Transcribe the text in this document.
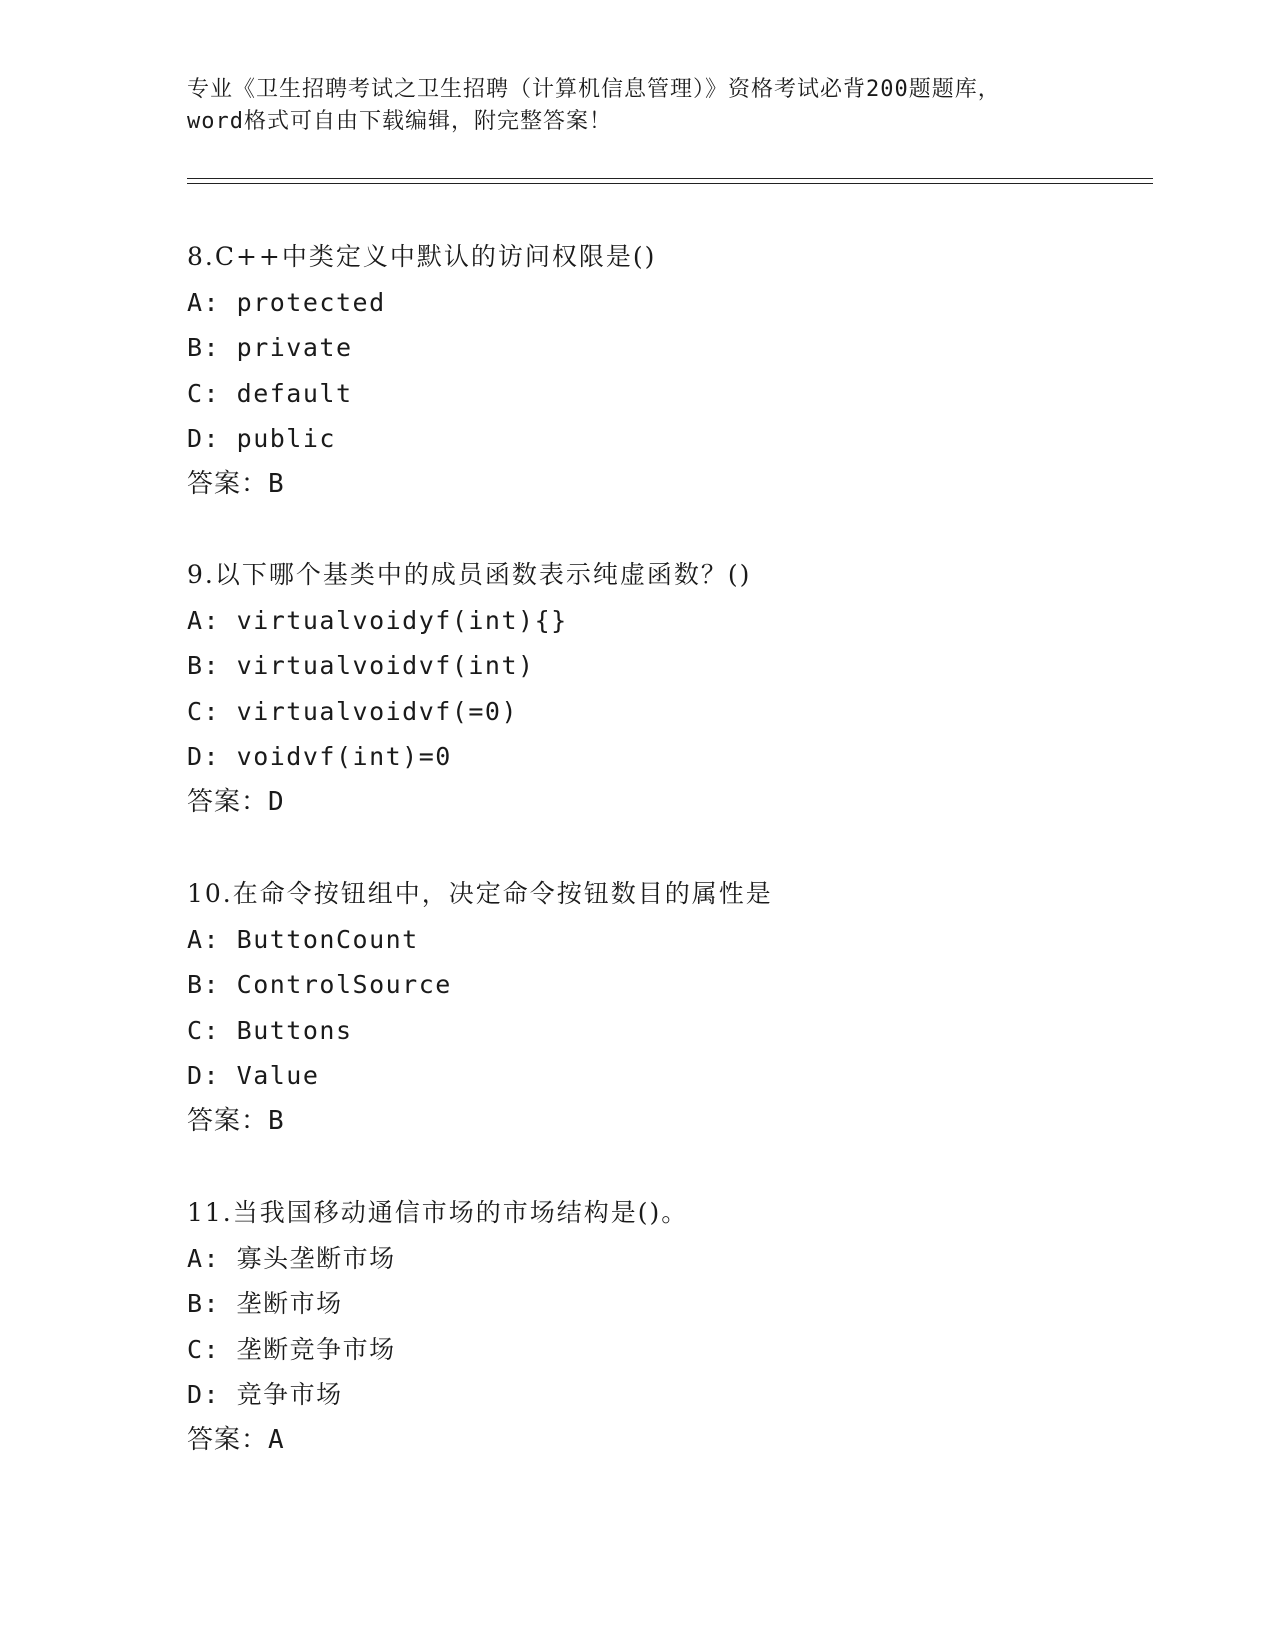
专业《卫生招聘考试之卫生招聘（计算机信息管理）》资格考试必背200题题库，
word格式可自由下载编辑，附完整答案！
8.C++中类定义中默认的访问权限是()
A: protected
B: private
C: default
D: public
答案：B
9.以下哪个基类中的成员函数表示纯虚函数？()
A: virtualvoidyf(int){}
B: virtualvoidvf(int)
C: virtualvoidvf(=0)
D: voidvf(int)=0
答案：D
10.在命令按钮组中，决定命令按钮数目的属性是
A: ButtonCount
B: ControlSource
C: Buttons
D: Value
答案：B
11.当我国移动通信市场的市场结构是()。
A: 寡头垄断市场
B: 垄断市场
C: 垄断竞争市场
D: 竞争市场
答案：A
